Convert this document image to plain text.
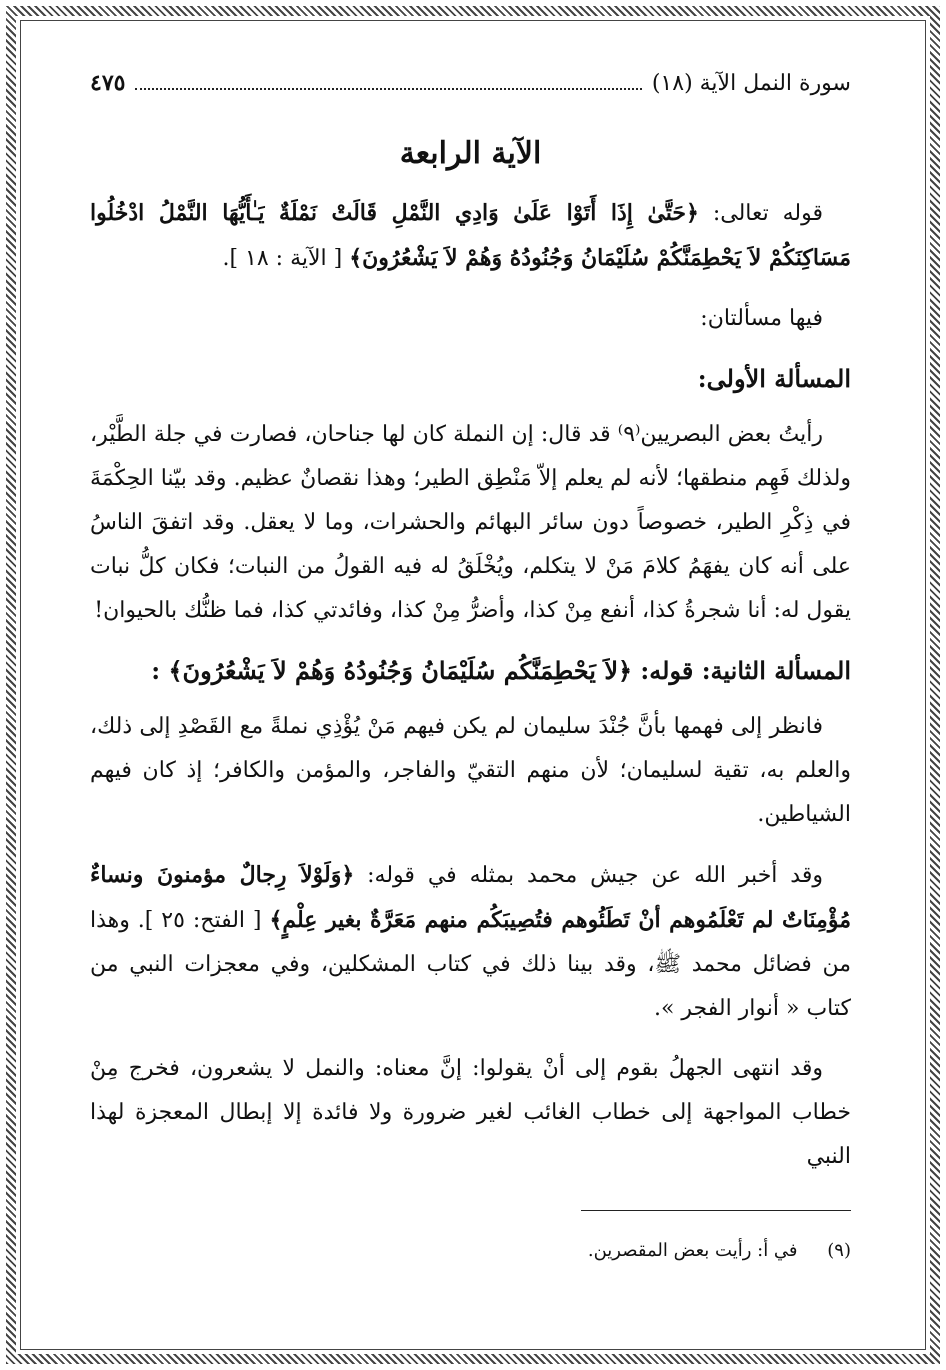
سورة النمل الآية (١٨)
٤٧٥
الآية الرابعة

قوله تعالى: ﴿حَتَّىٰ إِذَا أَتَوْا عَلَىٰ وَادِي النَّمْلِ قَالَتْ نَمْلَةٌ يَـٰأَيُّهَا النَّمْلُ ادْخُلُوا مَسَاكِنَكُمْ لاَ يَحْطِمَنَّكُمْ سُلَيْمَانُ وَجُنُودُهُ وَهُمْ لاَ يَشْعُرُونَ﴾ [ الآية : ١٨ ].

فيها مسألتان:

المسألة الأولى:

رأيتُ بعض البصريين⁽٩⁾ قد قال: إن النملة كان لها جناحان، فصارت في جلة الطَّيْر، ولذلك فَهِم منطقها؛ لأنه لم يعلم إلاّ مَنْطِق الطير؛ وهذا نقصانٌ عظيم. وقد بيّنا الحِكْمَةَ في ذِكْرِ الطير، خصوصاً دون سائر البهائم والحشرات، وما لا يعقل. وقد اتفقَ الناسُ على أنه كان يفهَمُ كلامَ مَنْ لا يتكلم، ويُخْلَقُ له فيه القولُ من النبات؛ فكان كلُّ نبات يقول له: أنا شجرةُ كذا، أنفع مِنْ كذا، وأضرُّ مِنْ كذا، وفائدتي كذا، فما ظنُّك بالحيوان!

المسألة الثانية: قوله: ﴿لاَ يَحْطِمَنَّكُم سُلَيْمَانُ وَجُنُودُهُ وَهُمْ لاَ يَشْعُرُونَ﴾ :

فانظر إلى فهمها بأنَّ جُنْدَ سليمان لم يكن فيهم مَنْ يُؤْذِي نملةً مع القَصْدِ إلى ذلك، والعلم به، تقية لسليمان؛ لأن منهم التقيّ والفاجر، والمؤمن والكافر؛ إذ كان فيهم الشياطين.

وقد أخبر الله عن جيش محمد بمثله في قوله: ﴿وَلَوْلاَ رِجالٌ مؤمنونَ ونساءٌ مُؤْمِنَاتٌ لم تَعْلَمُوهم أنْ تَطَئُوهم فتُصِيبَكُم منهم مَعَرَّةٌ بغير عِلْمٍ﴾ [ الفتح: ٢٥ ]. وهذا من فضائل محمد ﷺ، وقد بينا ذلك في كتاب المشكلين، وفي معجزات النبي من كتاب « أنوار الفجر ».

وقد انتهى الجهلُ بقوم إلى أنْ يقولوا: إنَّ معناه: والنمل لا يشعرون، فخرج مِنْ خطاب المواجهة إلى خطاب الغائب لغير ضرورة ولا فائدة إلا إبطال المعجزة لهذا النبي

(٩) في أ: رأيت بعض المقصرين.
